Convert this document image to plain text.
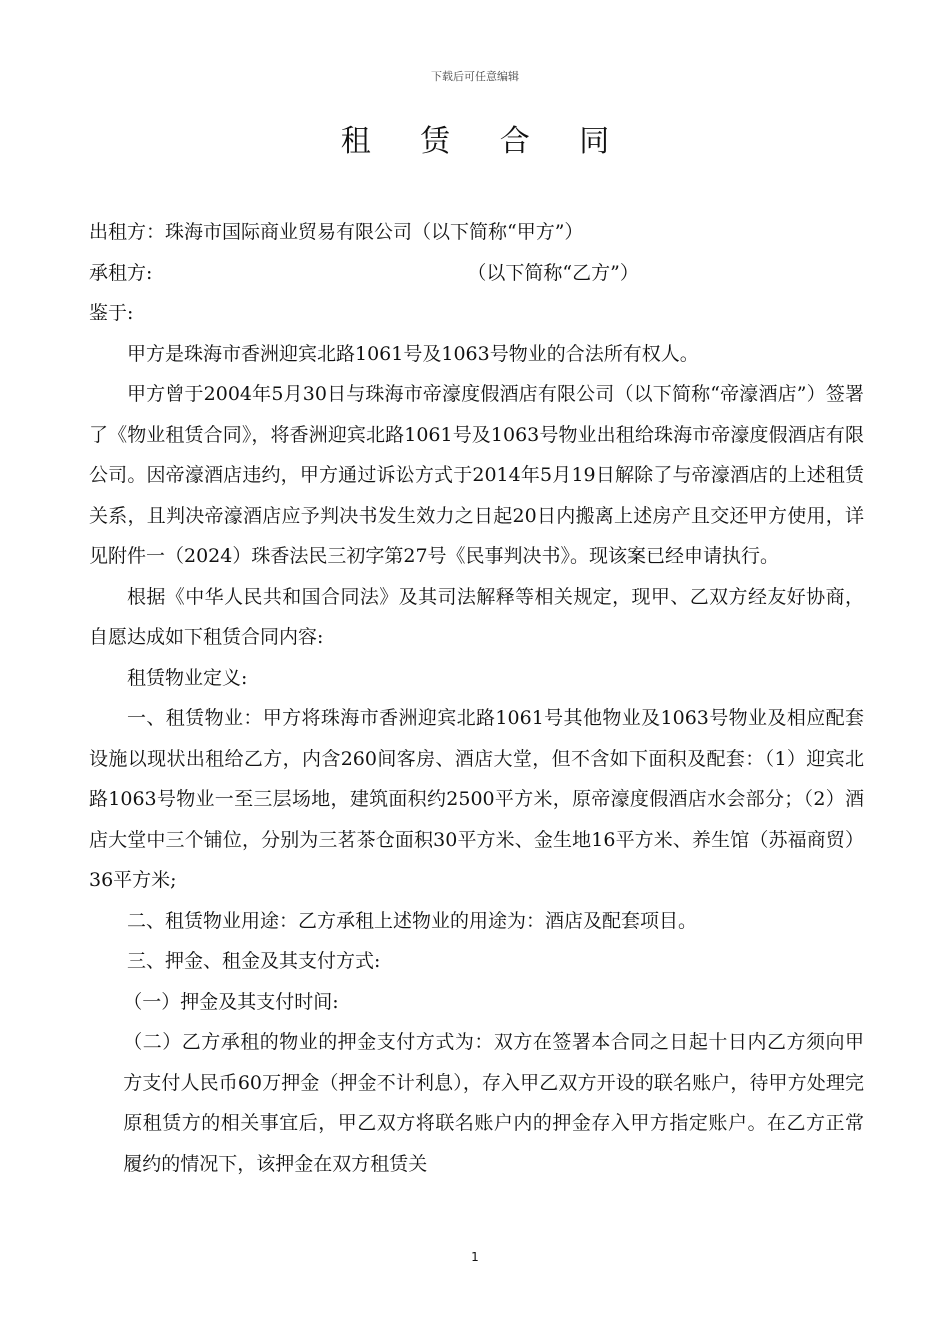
下载后可任意编辑
租 赁 合 同
出租方：珠海市国际商业贸易有限公司（以下简称“甲方”）
承租方:	（以下简称“乙方”）
鉴于:
甲方是珠海市香洲迎宾北路1061号及1063号物业的合法所有权人。
甲方曾于2004年5月30日与珠海市帝濠度假酒店有限公司（以下简称“帝濠酒店”）签署了《物业租赁合同》，将香洲迎宾北路1061号及1063号物业出租给珠海市帝濠度假酒店有限公司。因帝濠酒店违约，甲方通过诉讼方式于2014年5月19日解除了与帝濠酒店的上述租赁关系，且判决帝濠酒店应予判决书发生效力之日起20日内搬离上述房产且交还甲方使用，详见附件一（2024）珠香法民三初字第27号《民事判决书》。现该案已经申请执行。
根据《中华人民共和国合同法》及其司法解释等相关规定，现甲、乙双方经友好协商，自愿达成如下租赁合同内容:
租赁物业定义:
一、租赁物业：甲方将珠海市香洲迎宾北路1061号其他物业及1063号物业及相应配套设施以现状出租给乙方，内含260间客房、酒店大堂，但不含如下面积及配套：（1）迎宾北路1063号物业一至三层场地，建筑面积约2500平方米，原帝濠度假酒店水会部分；（2）酒店大堂中三个铺位，分别为三茗茶仓面积30平方米、金生地16平方米、养生馆（苏福商贸）36平方米;
二、租赁物业用途：乙方承租上述物业的用途为：酒店及配套项目。
三、押金、租金及其支付方式:
（一）押金及其支付时间:
（二）乙方承租的物业的押金支付方式为：双方在签署本合同之日起十日内乙方须向甲方支付人民币60万押金（押金不计利息），存入甲乙双方开设的联名账户，待甲方处理完原租赁方的相关事宜后，甲乙双方将联名账户内的押金存入甲方指定账户。在乙方正常履约的情况下，该押金在双方租赁关
1
